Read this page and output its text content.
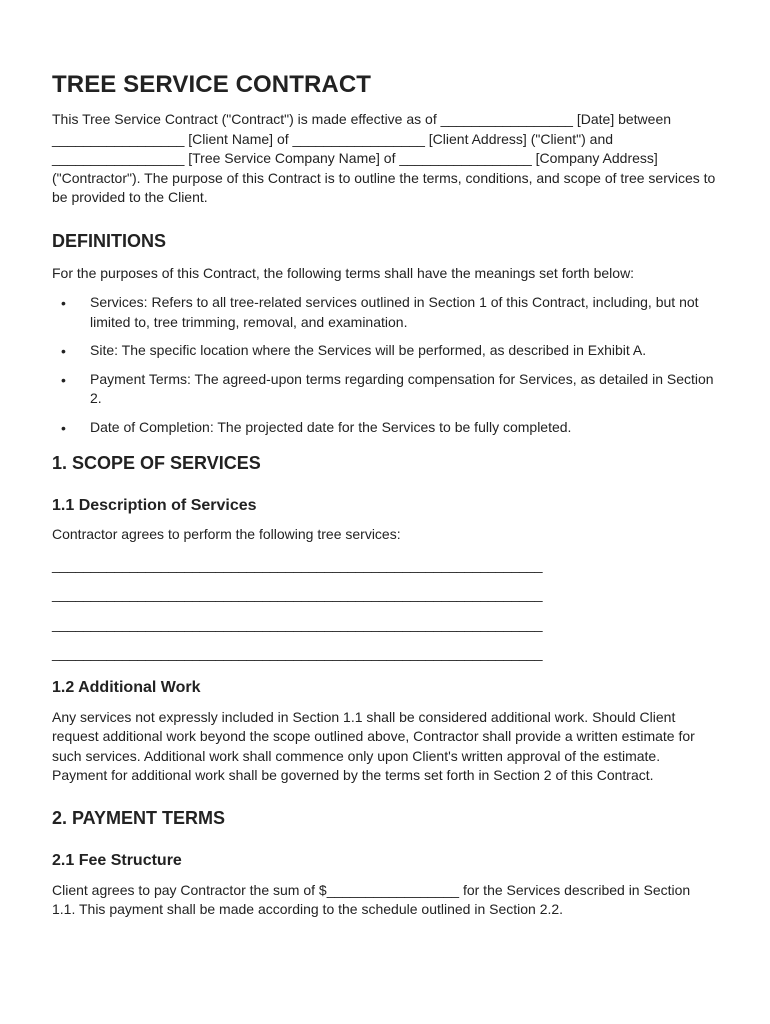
TREE SERVICE CONTRACT

This Tree Service Contract ("Contract") is made effective as of _________________ [Date] between _________________ [Client Name] of _________________ [Client Address] ("Client") and _________________ [Tree Service Company Name] of _________________ [Company Address] ("Contractor"). The purpose of this Contract is to outline the terms, conditions, and scope of tree services to be provided to the Client.

DEFINITIONS

For the purposes of this Contract, the following terms shall have the meanings set forth below:

• Services: Refers to all tree-related services outlined in Section 1 of this Contract, including, but not limited to, tree trimming, removal, and examination.
• Site: The specific location where the Services will be performed, as described in Exhibit A.
• Payment Terms: The agreed-upon terms regarding compensation for Services, as detailed in Section 2.
• Date of Completion: The projected date for the Services to be fully completed.
1. SCOPE OF SERVICES
1.1 Description of Services

Contractor agrees to perform the following tree services:

_______________________________________________________________
_______________________________________________________________
_______________________________________________________________
_______________________________________________________________
1.2 Additional Work

Any services not expressly included in Section 1.1 shall be considered additional work. Should Client request additional work beyond the scope outlined above, Contractor shall provide a written estimate for such services. Additional work shall commence only upon Client's written approval of the estimate. Payment for additional work shall be governed by the terms set forth in Section 2 of this Contract.

2. PAYMENT TERMS
2.1 Fee Structure

Client agrees to pay Contractor the sum of $_________________ for the Services described in Section 1.1. This payment shall be made according to the schedule outlined in Section 2.2.
